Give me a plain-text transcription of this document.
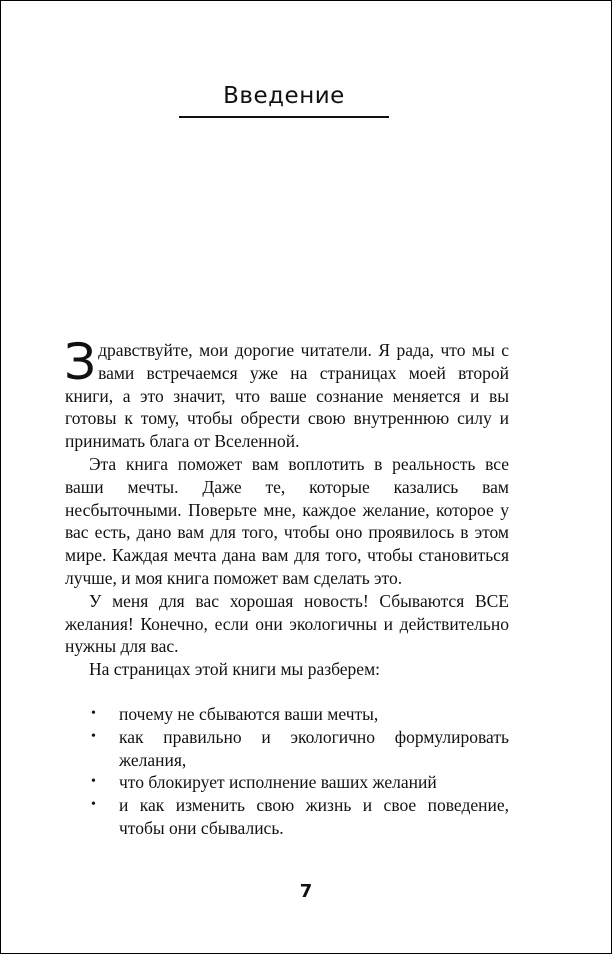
Введение

Здравствуйте, мои дорогие читатели. Я рада, что мы с вами встречаемся уже на страницах моей второй книги, а это значит, что ваше сознание меняется и вы готовы к тому, чтобы обрести свою внутреннюю силу и принимать блага от Вселенной.

Эта книга поможет вам воплотить в реальность все ваши мечты. Даже те, которые казались вам несбыточными. Поверьте мне, каждое желание, которое у вас есть, дано вам для того, чтобы оно проявилось в этом мире. Каждая мечта дана вам для того, чтобы становиться лучше, и моя книга поможет вам сделать это.

У меня для вас хорошая новость! Сбываются ВСЕ желания! Конечно, если они экологичны и действительно нужны для вас.

На страницах этой книги мы разберем:

• почему не сбываются ваши мечты,
• как правильно и экологично формулировать желания,
• что блокирует исполнение ваших желаний
• и как изменить свою жизнь и свое поведение, чтобы они сбывались.
7
